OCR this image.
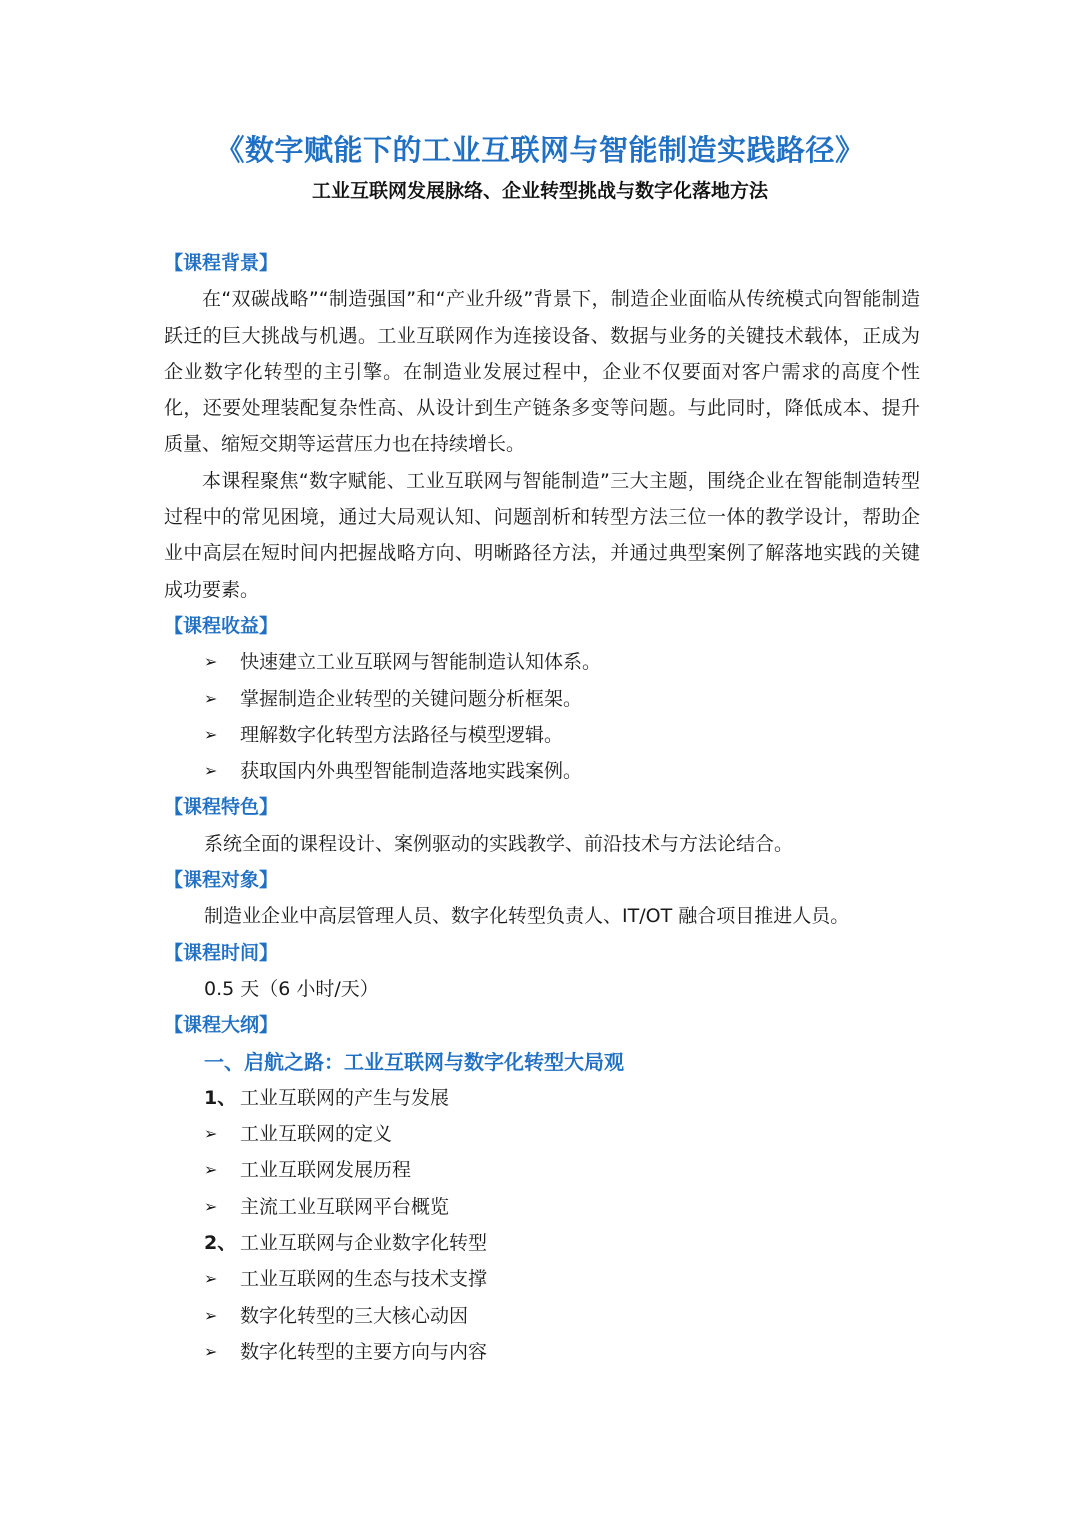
《数字赋能下的工业互联网与智能制造实践路径》
工业互联网发展脉络、企业转型挑战与数字化落地方法
【课程背景】

在“双碳战略”“制造强国”和“产业升级”背景下，制造企业面临从传统模式向智能制造跃迁的巨大挑战与机遇。工业互联网作为连接设备、数据与业务的关键技术载体，正成为企业数字化转型的主引擎。在制造业发展过程中，企业不仅要面对客户需求的高度个性化，还要处理装配复杂性高、从设计到生产链条多变等问题。与此同时，降低成本、提升质量、缩短交期等运营压力也在持续增长。

本课程聚焦“数字赋能、工业互联网与智能制造”三大主题，围绕企业在智能制造转型过程中的常见困境，通过大局观认知、问题剖析和转型方法三位一体的教学设计，帮助企业中高层在短时间内把握战略方向、明晰路径方法，并通过典型案例了解落地实践的关键成功要素。

【课程收益】
➢	快速建立工业互联网与智能制造认知体系。
➢	掌握制造企业转型的关键问题分析框架。
➢	理解数字化转型方法路径与模型逻辑。
➢	获取国内外典型智能制造落地实践案例。
【课程特色】
系统全面的课程设计、案例驱动的实践教学、前沿技术与方法论结合。
【课程对象】
制造业企业中高层管理人员、数字化转型负责人、IT/OT 融合项目推进人员。
【课程时间】
0.5 天（6 小时/天）
【课程大纲】
一、启航之路：工业互联网与数字化转型大局观
1、 工业互联网的产生与发展
➢	工业互联网的定义
➢	工业互联网发展历程
➢	主流工业互联网平台概览
2、 工业互联网与企业数字化转型
➢	工业互联网的生态与技术支撑
➢	数字化转型的三大核心动因
➢	数字化转型的主要方向与内容
